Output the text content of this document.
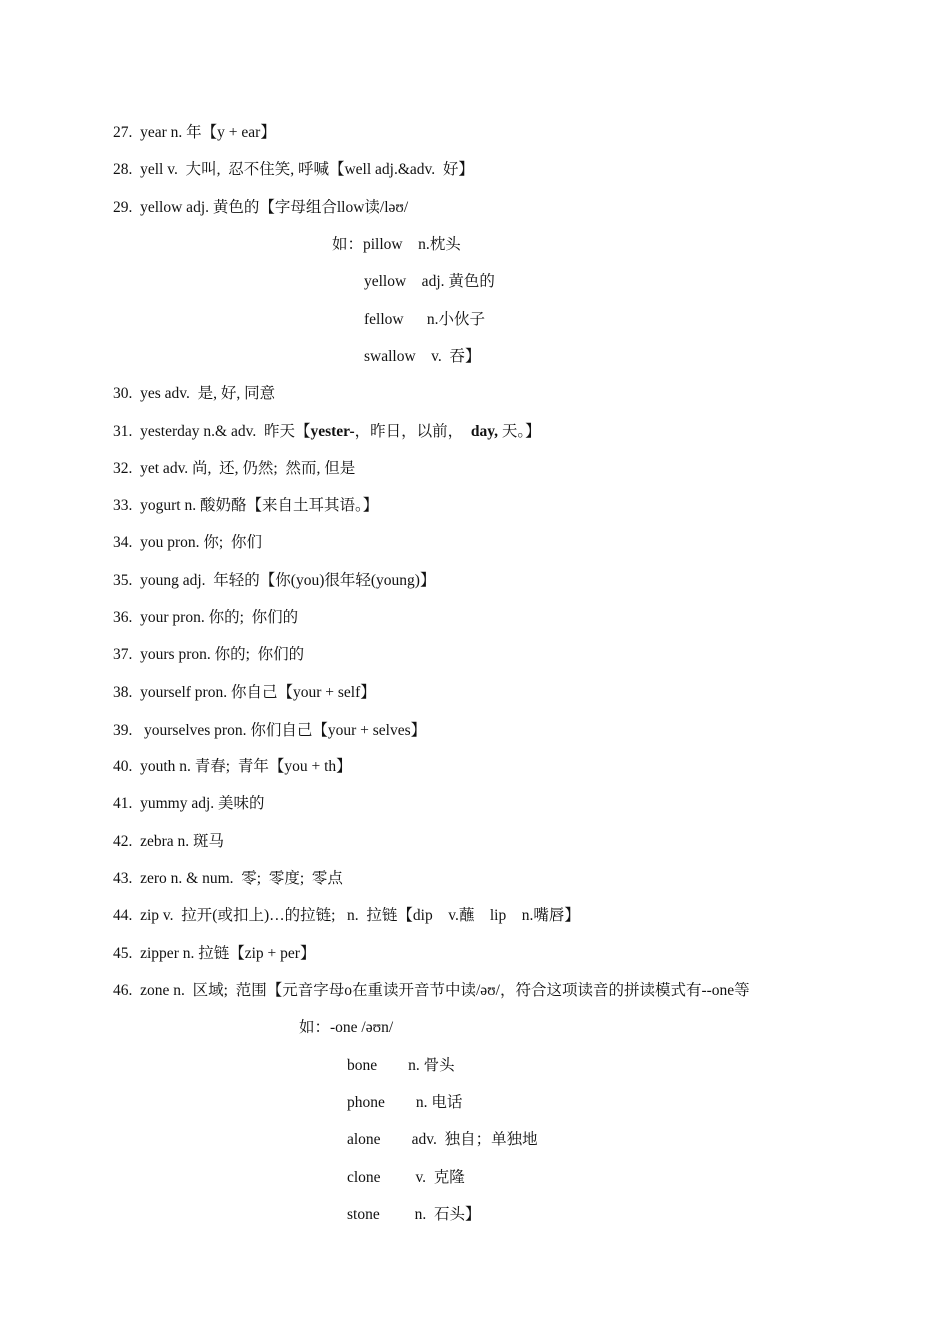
27.  year n. 年【y + ear】
28.  yell v.  大叫,  忍不住笑, 呼喊【well adj.&adv.  好】
29.  yellow adj. 黄色的【字母组合llow读/ləʊ/
如：pillow    n.枕头
yellow    adj. 黄色的
fellow      n.小伙子
swallow    v.  吞】
30.  yes adv.  是, 好, 同意
31.  yesterday n.& adv.  昨天【yester-，昨日，以前，  day, 天。】
32.  yet adv. 尚,  还, 仍然;  然而, 但是
33.  yogurt n. 酸奶酪【来自土耳其语。】
34.  you pron. 你;  你们
35.  young adj.  年轻的【你(you)很年轻(young)】
36.  your pron. 你的;  你们的
37.  yours pron. 你的;  你们的
38.  yourself pron. 你自己【your + self】
39.   yourselves pron. 你们自己【your + selves】
40.  youth n. 青春;  青年【you + th】
41.  yummy adj. 美味的
42.  zebra n. 斑马
43.  zero n. & num.  零;  零度;  零点
44.  zip v.  拉开(或扣上)…的拉链;   n.  拉链【dip    v.蘸    lip    n.嘴唇】
45.  zipper n. 拉链【zip + per】
46.  zone n.  区域;  范围【元音字母o在重读开音节中读/əʊ/，符合这项读音的拼读模式有--one等
如：-one /əʊn/
bone        n. 骨头
phone        n. 电话
alone        adv.  独自；单独地
clone         v.  克隆
stone         n.  石头】
